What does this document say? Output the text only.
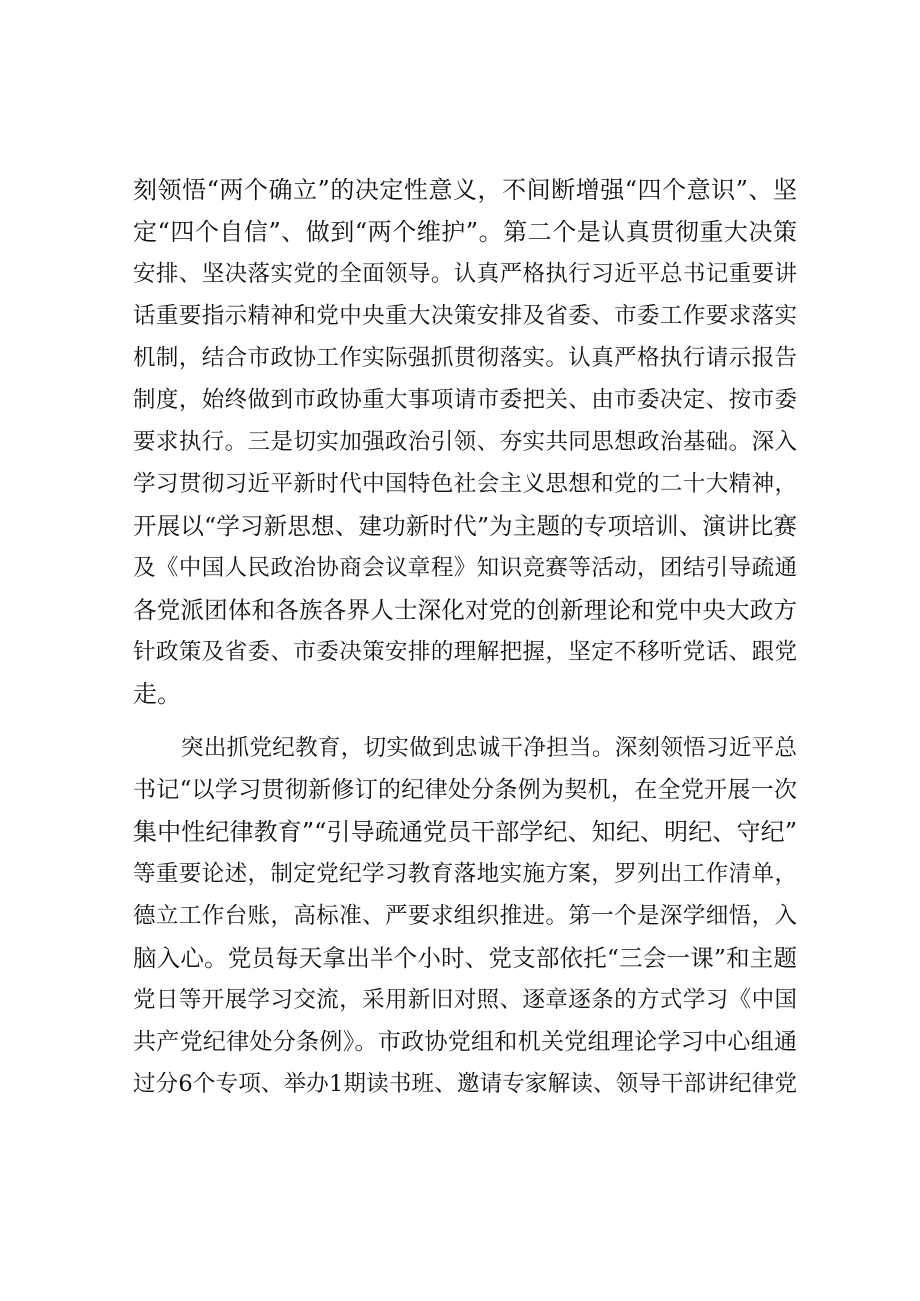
刻领悟“两个确立”的决定性意义，不间断增强“四个意识”、坚
定“四个自信”、做到“两个维护”。第二个是认真贯彻重大决策
安排、坚决落实党的全面领导。认真严格执行习近平总书记重要讲
话重要指示精神和党中央重大决策安排及省委、市委工作要求落实
机制，结合市政协工作实际强抓贯彻落实。认真严格执行请示报告
制度，始终做到市政协重大事项请市委把关、由市委决定、按市委
要求执行。三是切实加强政治引领、夯实共同思想政治基础。深入
学习贯彻习近平新时代中国特色社会主义思想和党的二十大精神，
开展以“学习新思想、建功新时代”为主题的专项培训、演讲比赛
及《中国人民政治协商会议章程》知识竞赛等活动，团结引导疏通
各党派团体和各族各界人士深化对党的创新理论和党中央大政方
针政策及省委、市委决策安排的理解把握，坚定不移听党话、跟党
走。
突出抓党纪教育，切实做到忠诚干净担当。深刻领悟习近平总
书记“以学习贯彻新修订的纪律处分条例为契机，在全党开展一次
集中性纪律教育”“引导疏通党员干部学纪、知纪、明纪、守纪”
等重要论述，制定党纪学习教育落地实施方案，罗列出工作清单，
德立工作台账，高标准、严要求组织推进。第一个是深学细悟，入
脑入心。党员每天拿出半个小时、党支部依托“三会一课”和主题
党日等开展学习交流，采用新旧对照、逐章逐条的方式学习《中国
共产党纪律处分条例》。市政协党组和机关党组理论学习中心组通
过分6个专项、举办1期读书班、邀请专家解读、领导干部讲纪律党
